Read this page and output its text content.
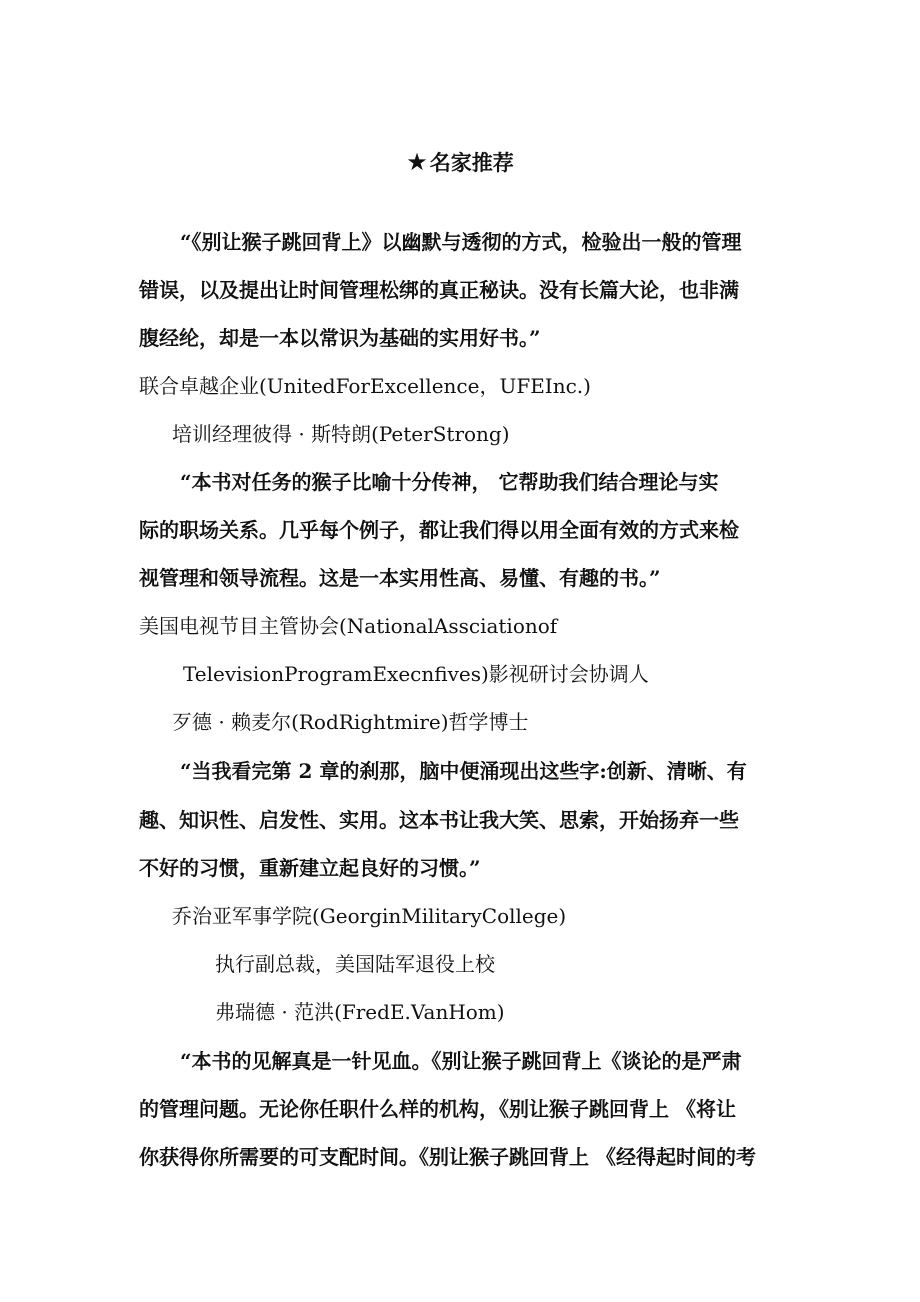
★名家推荐
“《别让猴子跳回背上》以幽默与透彻的方式，检验出一般的管理
错误，以及提出让时间管理松绑的真正秘诀。没有长篇大论，也非满
腹经纶，却是一本以常识为基础的实用好书。”
联合卓越企业(UnitedForExcellence，UFEInc.)
培训经理彼得 · 斯特朗(PeterStrong)
“本书对任务的猴子比喻十分传神， 它帮助我们结合理论与实
际的职场关系。几乎每个例子，都让我们得以用全面有效的方式来检
视管理和领导流程。这是一本实用性高、易懂、有趣的书。”
美国电视节目主管协会(NationalAssciationof
TelevisionProgramExecnfives)影视研讨会协调人
歹德 · 赖麦尔(RodRightmire)哲学博士
“当我看完第 2 章的刹那，脑中便涌现出这些字:创新、清晰、有
趣、知识性、启发性、实用。这本书让我大笑、思索，开始扬弃一些
不好的习惯，重新建立起良好的习惯。”
乔治亚军事学院(GeorginMilitaryCollege)
执行副总裁，美国陆军退役上校
弗瑞德 · 范洪(FredE.VanHom)
“本书的见解真是一针见血。《别让猴子跳回背上《谈论的是严肃
的管理问题。无论你任职什么样的机构，《别让猴子跳回背上 《将让
你获得你所需要的可支配时间。《别让猴子跳回背上 《经得起时间的考
